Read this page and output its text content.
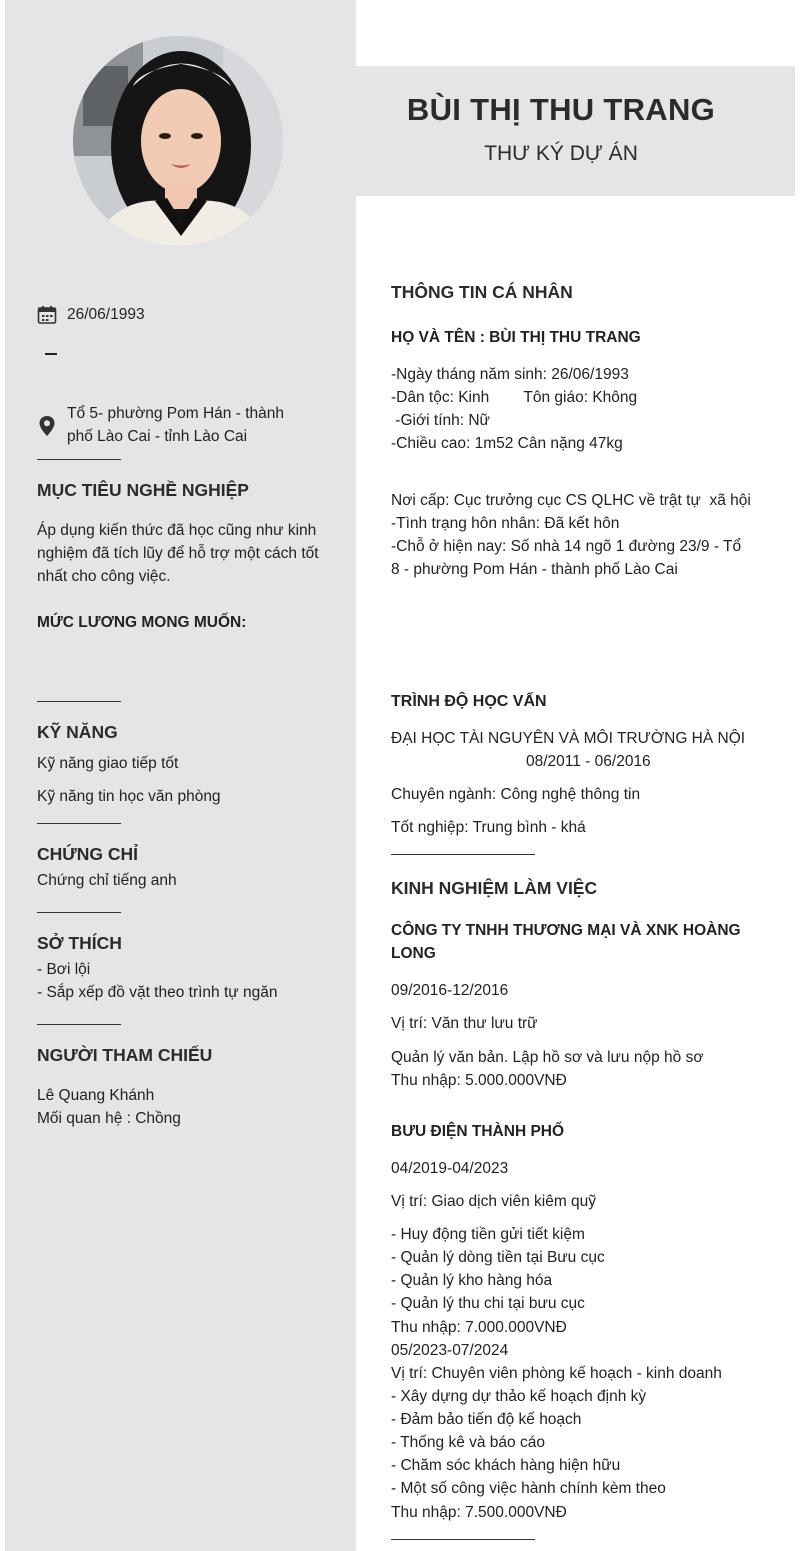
BÙI THỊ THU TRANG
THƯ KÝ DỰ ÁN
26/06/1993
Tổ 5- phường Pom Hán - thành
phố Lào Cai - tỉnh Lào Cai
MỤC TIÊU NGHỀ NGHIỆP
Áp dụng kiến thức đã học cũng như kinh
nghiệm đã tích lũy để hỗ trợ một cách tốt
nhất cho công việc.
MỨC LƯƠNG MONG MUỐN:
KỸ NĂNG
Kỹ năng giao tiếp tốt
Kỹ năng tin học văn phòng
CHỨNG CHỈ
Chứng chỉ tiếng anh
SỞ THÍCH
- Bơi lội
- Sắp xếp đồ vặt theo trình tự ngăn
NGƯỜI THAM CHIẾU
Lê Quang Khánh
Mối quan hệ : Chồng
THÔNG TIN CÁ NHÂN
HỌ VÀ TÊN : BÙI THỊ THU TRANG
-Ngày tháng năm sinh: 26/06/1993
-Dân tộc: Kinh        Tôn giáo: Không
-Giới tính: Nữ
-Chiều cao: 1m52 Cân nặng 47kg
Nơi cấp: Cục trưởng cục CS QLHC về trật tự  xã hội
-Tình trạng hôn nhân: Đã kết hôn
-Chỗ ở hiện nay: Số nhà 14 ngõ 1 đường 23/9 - Tổ
8 - phường Pom Hán - thành phố Lào Cai
TRÌNH ĐỘ HỌC VẤN
ĐẠI HỌC TÀI NGUYÊN VÀ MÔI TRƯỜNG HÀ NỘI
08/2011 - 06/2016
Chuyên ngành: Công nghệ thông tin
Tốt nghiệp: Trung bình - khá
KINH NGHIỆM LÀM VIỆC
CÔNG TY TNHH THƯƠNG MẠI VÀ XNK HOÀNG
LONG
09/2016-12/2016
Vị trí: Văn thư lưu trữ
Quản lý văn bản. Lập hồ sơ và lưu nộp hồ sơ
Thu nhập: 5.000.000VNĐ
BƯU ĐIỆN THÀNH PHỐ
04/2019-04/2023
Vị trí: Giao dịch viên kiêm quỹ
- Huy động tiền gửi tiết kiệm
- Quản lý dòng tiền tại Bưu cục
- Quản lý kho hàng hóa
- Quản lý thu chi tại bưu cục
Thu nhập: 7.000.000VNĐ
05/2023-07/2024
Vị trí: Chuyên viên phòng kế hoạch - kinh doanh
- Xây dựng dự thảo kế hoạch định kỳ
- Đảm bảo tiến độ kế hoạch
- Thống kê và báo cáo
- Chăm sóc khách hàng hiện hữu
- Một số công việc hành chính kèm theo
Thu nhập: 7.500.000VNĐ
